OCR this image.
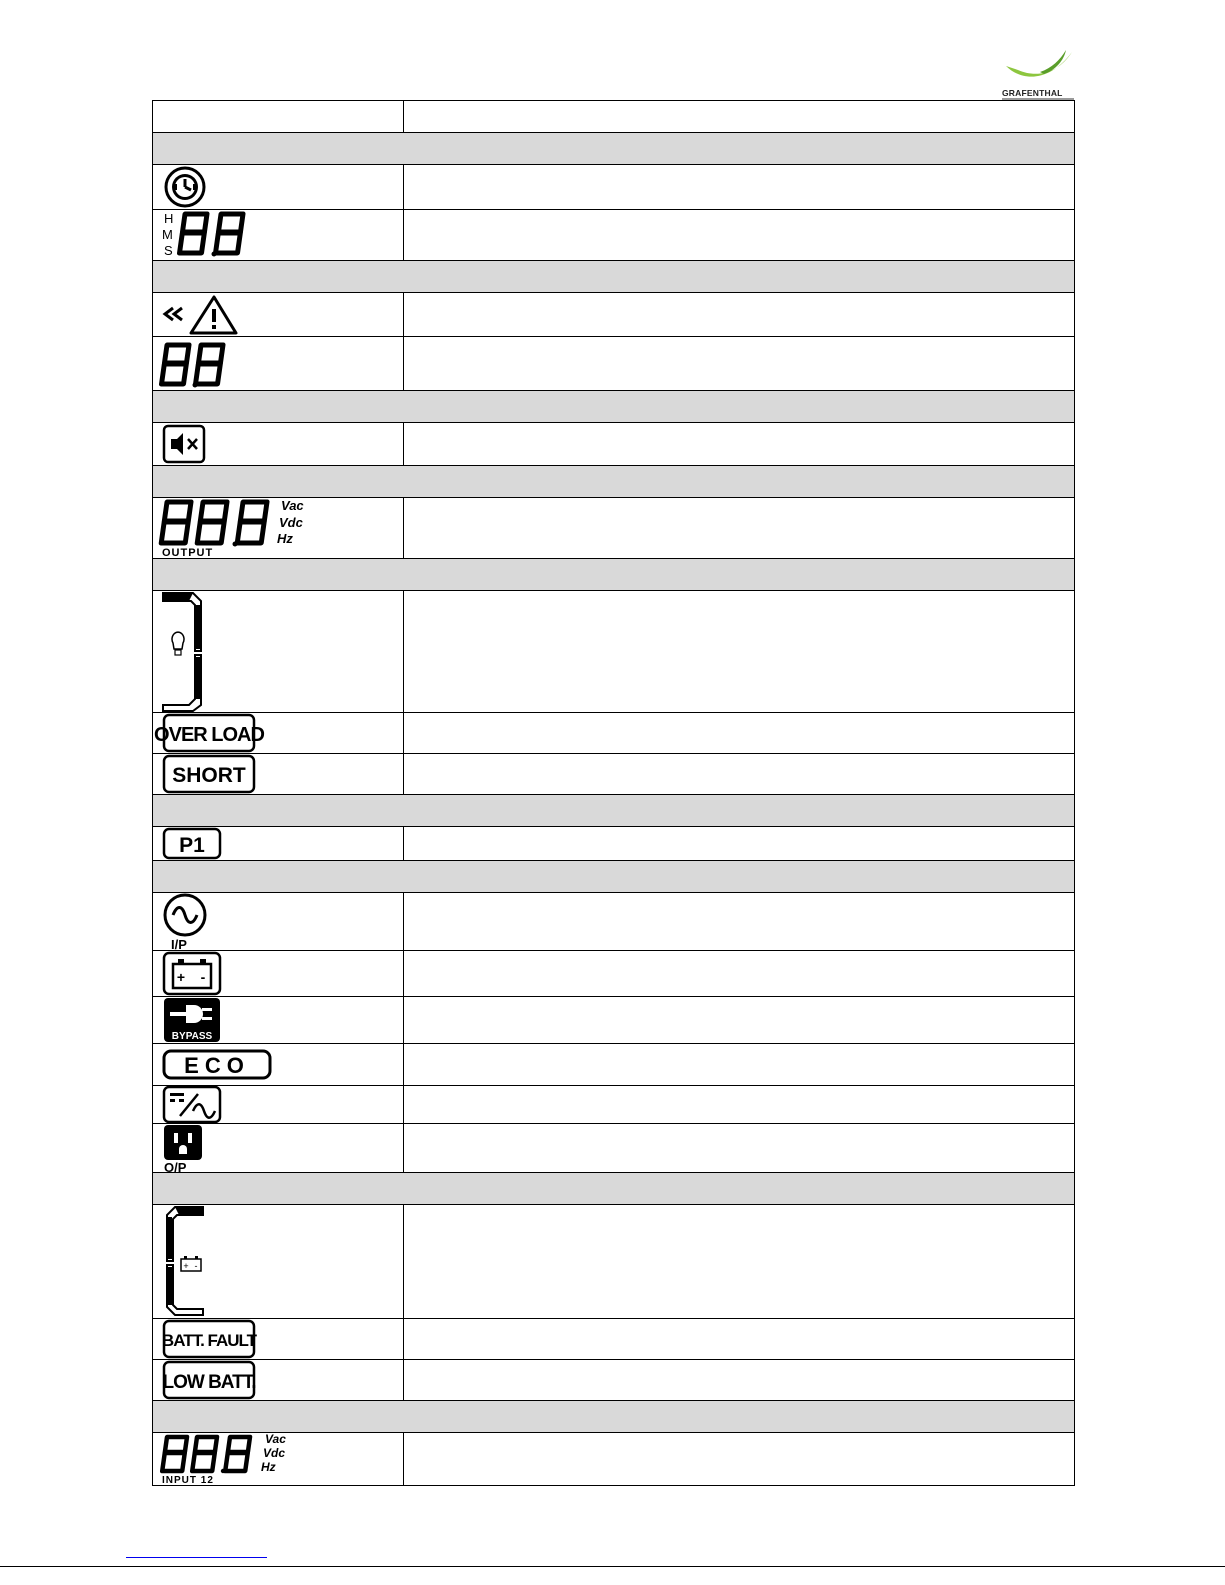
GRAFENTHAL

H
M
S	

Vac
Vdc
Hz
OUTPUT	

OVER LOAD	

SHORT	

P1	

I/P	

+ -	

BYPASS	

ECO	

O/P	

+ -	

BATT. FAULT	

LOW BATT.	

Vac
Vdc
Hz
INPUT 12	
